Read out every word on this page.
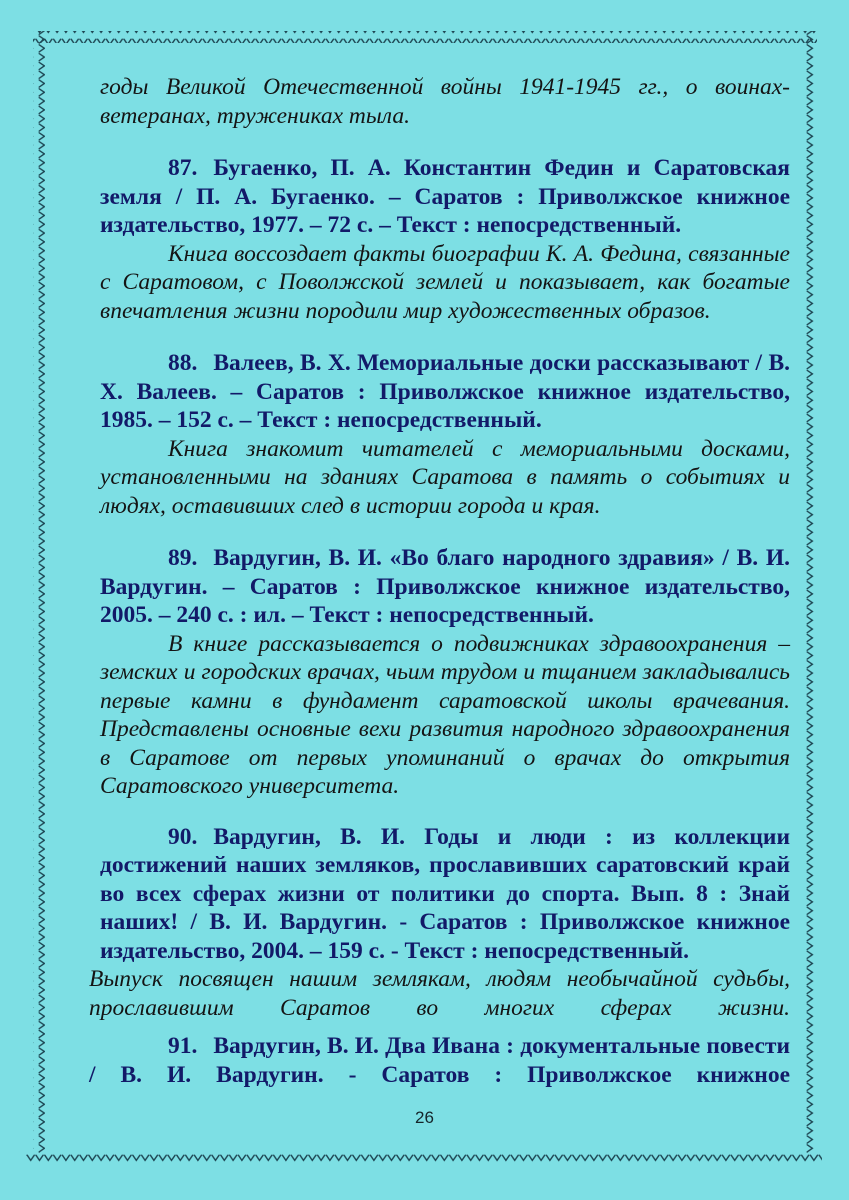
годы Великой Отечественной войны 1941-1945 гг., о воинах-ветеранах, тружениках тыла.

87. Бугаенко, П. А. Константин Федин и Саратовская земля / П. А. Бугаенко. – Саратов : Приволжское книжное издательство, 1977. – 72 с. – Текст : непосредственный.

Книга воссоздает факты биографии К. А. Федина, связанные с Саратовом, с Поволжской землей и показывает, как богатые впечатления жизни породили мир художественных образов.

88. Валеев, В. Х. Мемориальные доски рассказывают / В. Х. Валеев. – Саратов : Приволжское книжное издательство, 1985. – 152 с. – Текст : непосредственный.

Книга знакомит читателей с мемориальными досками, установленными на зданиях Саратова в память о событиях и людях, оставивших след в истории города и края.

89. Вардугин, В. И. «Во благо народного здравия» / В. И. Вардугин. – Саратов : Приволжское книжное издательство, 2005. – 240 с. : ил. – Текст : непосредственный.

В книге рассказывается о подвижниках здравоохранения – земских и городских врачах, чьим трудом и тщанием закладывались первые камни в фундамент саратовской школы врачевания. Представлены основные вехи развития народного здравоохранения в Саратове от первых упоминаний о врачах до открытия Саратовского университета.

90. Вардугин, В. И. Годы и люди : из коллекции достижений наших земляков, прославивших саратовский край во всех сферах жизни от политики до спорта. Вып. 8 : Знай наших! / В. И. Вардугин. - Саратов : Приволжское книжное издательство, 2004. – 159 с. - Текст : непосредственный.

Выпуск посвящен нашим землякам, людям необычайной судьбы, прославившим Саратов во многих сферах жизни.

91. Вардугин, В. И. Два Ивана : документальные повести / В. И. Вардугин. - Саратов : Приволжское книжное

26
